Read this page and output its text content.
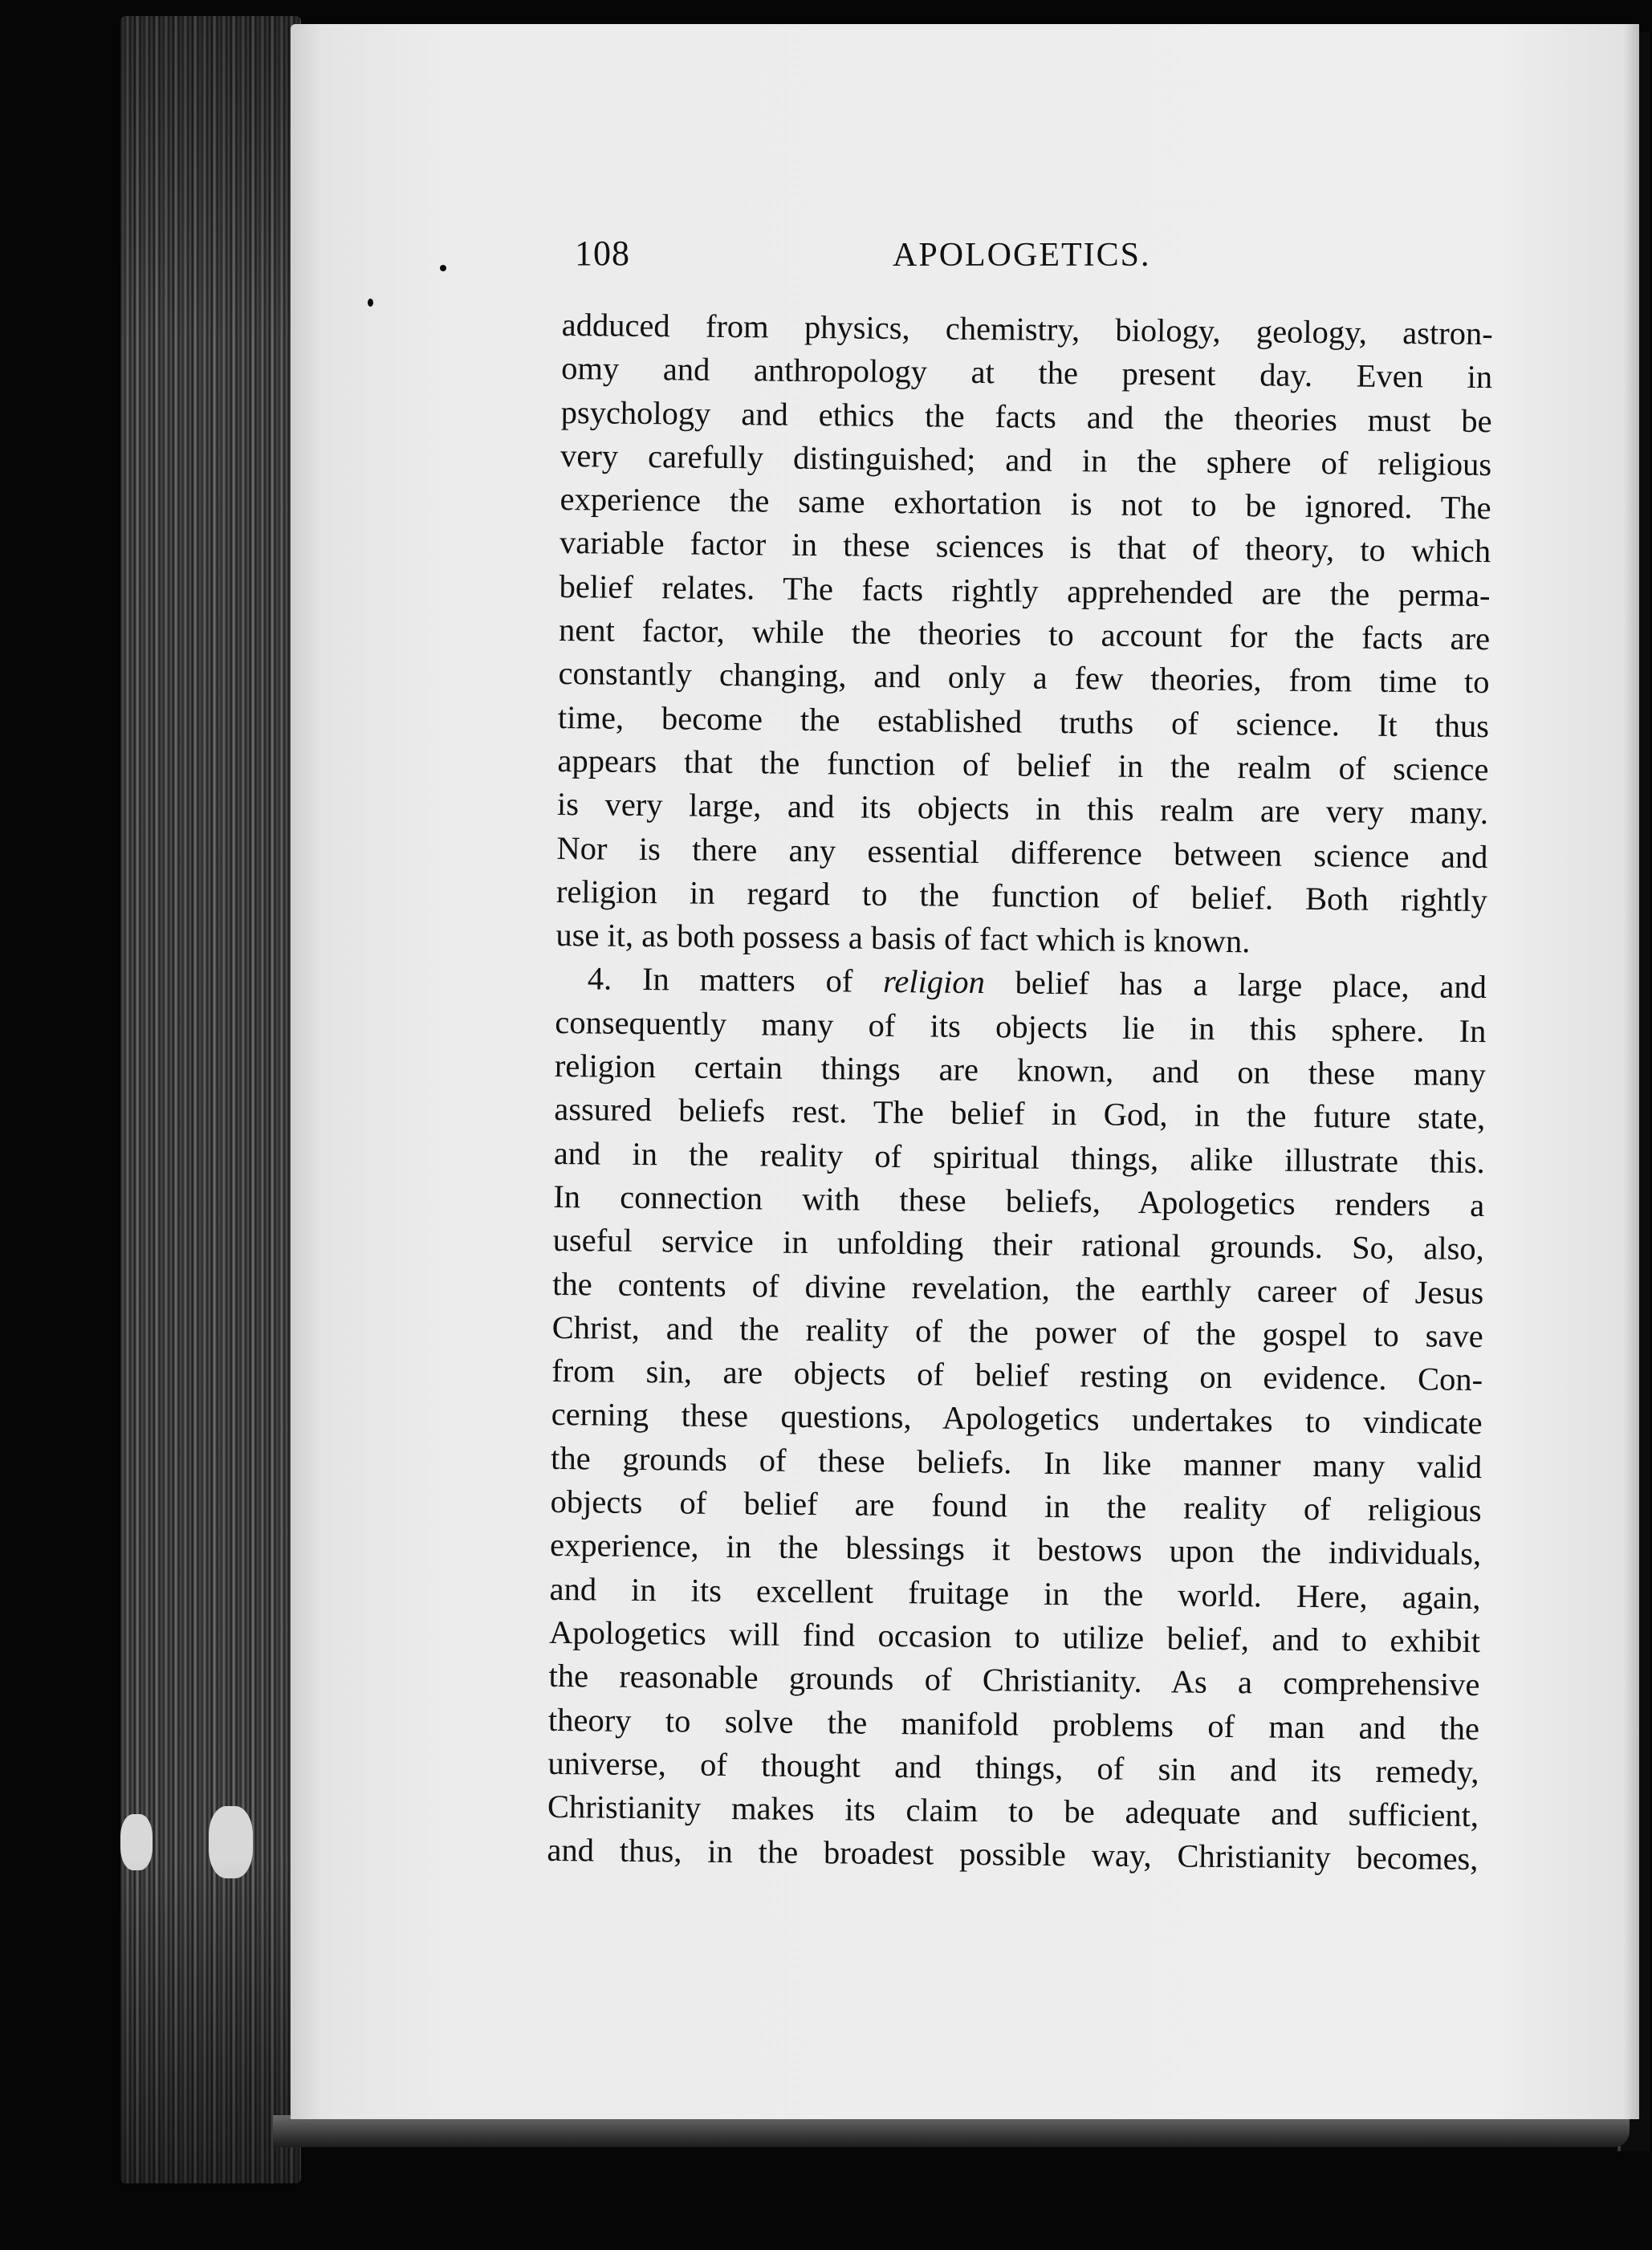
108	APOLOGETICS.
adduced from physics, chemistry, biology, geology, astron-
omy and anthropology at the present day. Even in
psychology and ethics the facts and the theories must be
very carefully distinguished; and in the sphere of religious
experience the same exhortation is not to be ignored. The
variable factor in these sciences is that of theory, to which
belief relates. The facts rightly apprehended are the perma-
nent factor, while the theories to account for the facts are
constantly changing, and only a few theories, from time to
time, become the established truths of science. It thus
appears that the function of belief in the realm of science
is very large, and its objects in this realm are very many.
Nor is there any essential difference between science and
religion in regard to the function of belief. Both rightly
use it, as both possess a basis of fact which is known.
4. In matters of religion belief has a large place, and
consequently many of its objects lie in this sphere. In
religion certain things are known, and on these many
assured beliefs rest. The belief in God, in the future state,
and in the reality of spiritual things, alike illustrate this.
In connection with these beliefs, Apologetics renders a
useful service in unfolding their rational grounds. So, also,
the contents of divine revelation, the earthly career of Jesus
Christ, and the reality of the power of the gospel to save
from sin, are objects of belief resting on evidence. Con-
cerning these questions, Apologetics undertakes to vindicate
the grounds of these beliefs. In like manner many valid
objects of belief are found in the reality of religious
experience, in the blessings it bestows upon the individuals,
and in its excellent fruitage in the world. Here, again,
Apologetics will find occasion to utilize belief, and to exhibit
the reasonable grounds of Christianity. As a comprehensive
theory to solve the manifold problems of man and the
universe, of thought and things, of sin and its remedy,
Christianity makes its claim to be adequate and sufficient,
and thus, in the broadest possible way, Christianity becomes,
